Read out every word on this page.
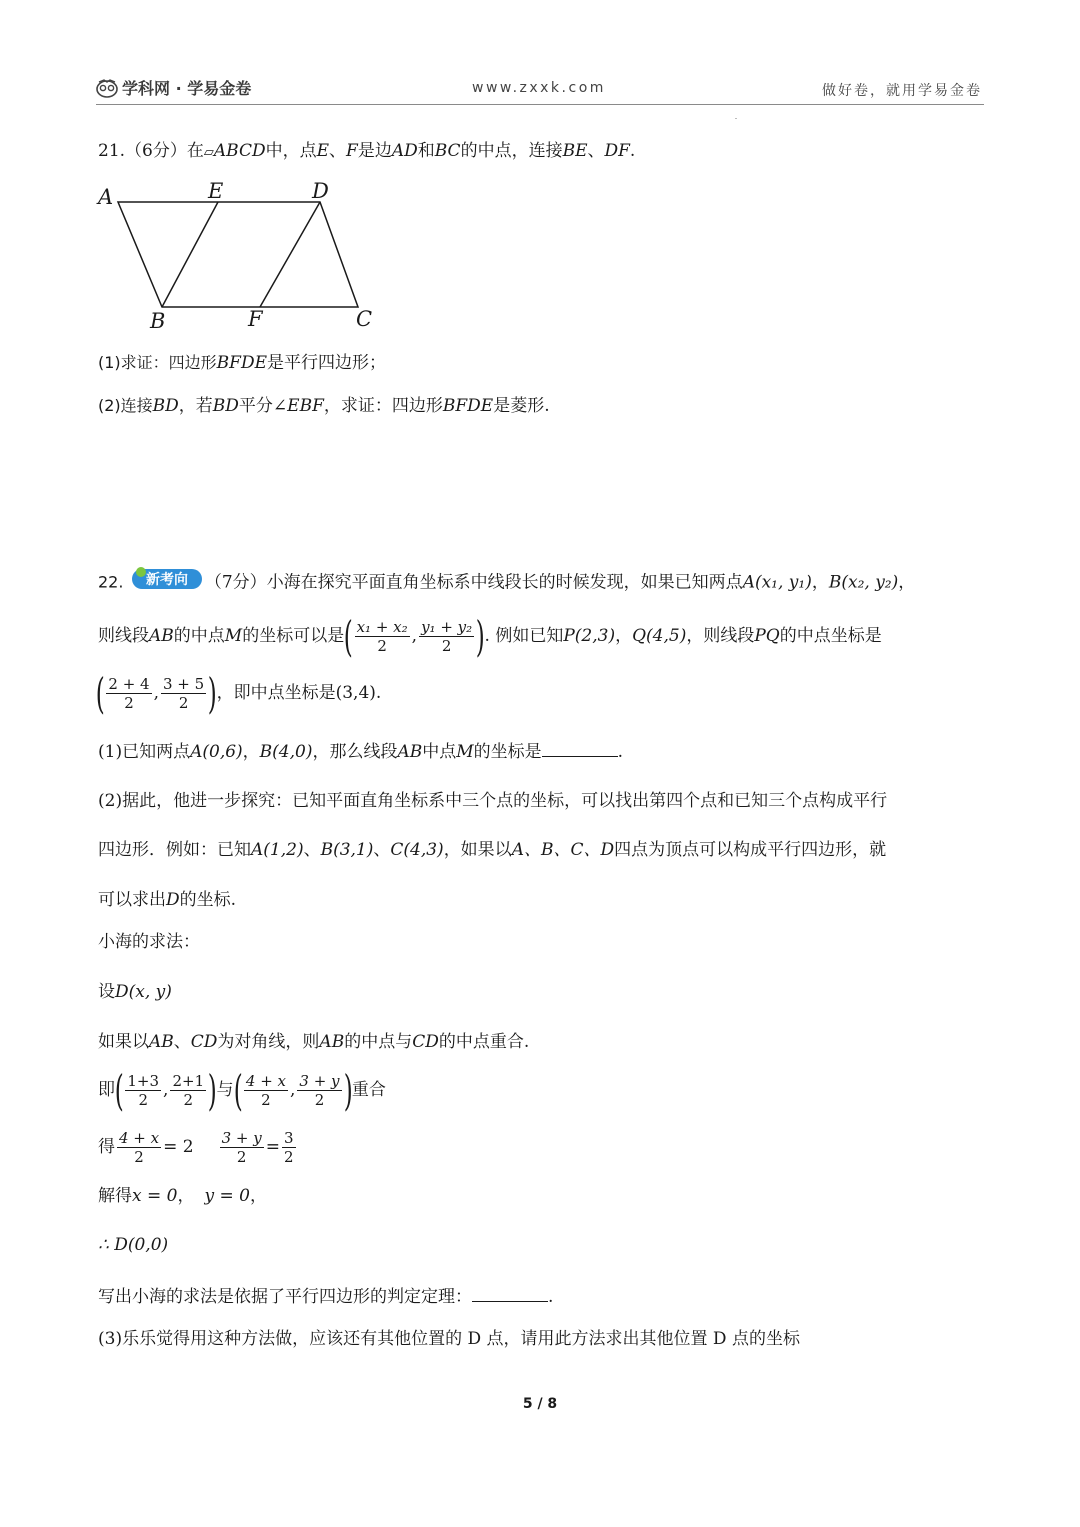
学科网 · 学易金卷	www.zxxk.com	做好卷，就用学易金卷
21.（6分）在▱ABCD中，点E、F是边AD和BC的中点，连接BE、DF.
A	E	D
B	F	C
(1)求证：四边形BFDE是平行四边形；
(2)连接BD，若BD平分∠EBF，求证：四边形BFDE是菱形.
22. 新考向 （7分）小海在探究平面直角坐标系中线段长的时候发现，如果已知两点A(x₁, y₁)，B(x₂, y₂)，
则线段AB的中点M的坐标可以是( $\frac{\text{x₁ + x₂}}{2}$ , $\frac{\text{y₁ + y₂}}{2}$ ). 例如已知P(2,3)，Q(4,5)，则线段PQ的中点坐标是
( $\frac{2 + 4}{2}$ , $\frac{3 + 5}{2}$ )，即中点坐标是(3,4).
(1)已知两点A(0,6)，B(4,0)，那么线段AB中点M的坐标是	.
(2)据此，他进一步探究：已知平面直角坐标系中三个点的坐标，可以找出第四个点和已知三个点构成平行
四边形．例如：已知A(1,2)、B(3,1)、C(4,3)，如果以A、B、C、D四点为顶点可以构成平行四边形，就
可以求出D的坐标.
小海的求法：
设D(x, y)
如果以AB、CD为对角线，则AB的中点与CD的中点重合.
即( $\frac{1+3}{2}$ , $\frac{2+1}{2}$ )与( $\frac{4 + x}{2}$ , $\frac{3 + y}{2}$ )重合
得 $\frac{4 + x}{2} = 2 \frac{3 + y}{2} = \frac{3}{2}$
解得x = 0， y = 0，
∴ D(0,0)
写出小海的求法是依据了平行四边形的判定定理：	.
(3)乐乐觉得用这种方法做，应该还有其他位置的 D 点，请用此方法求出其他位置 D 点的坐标
5 / 8
